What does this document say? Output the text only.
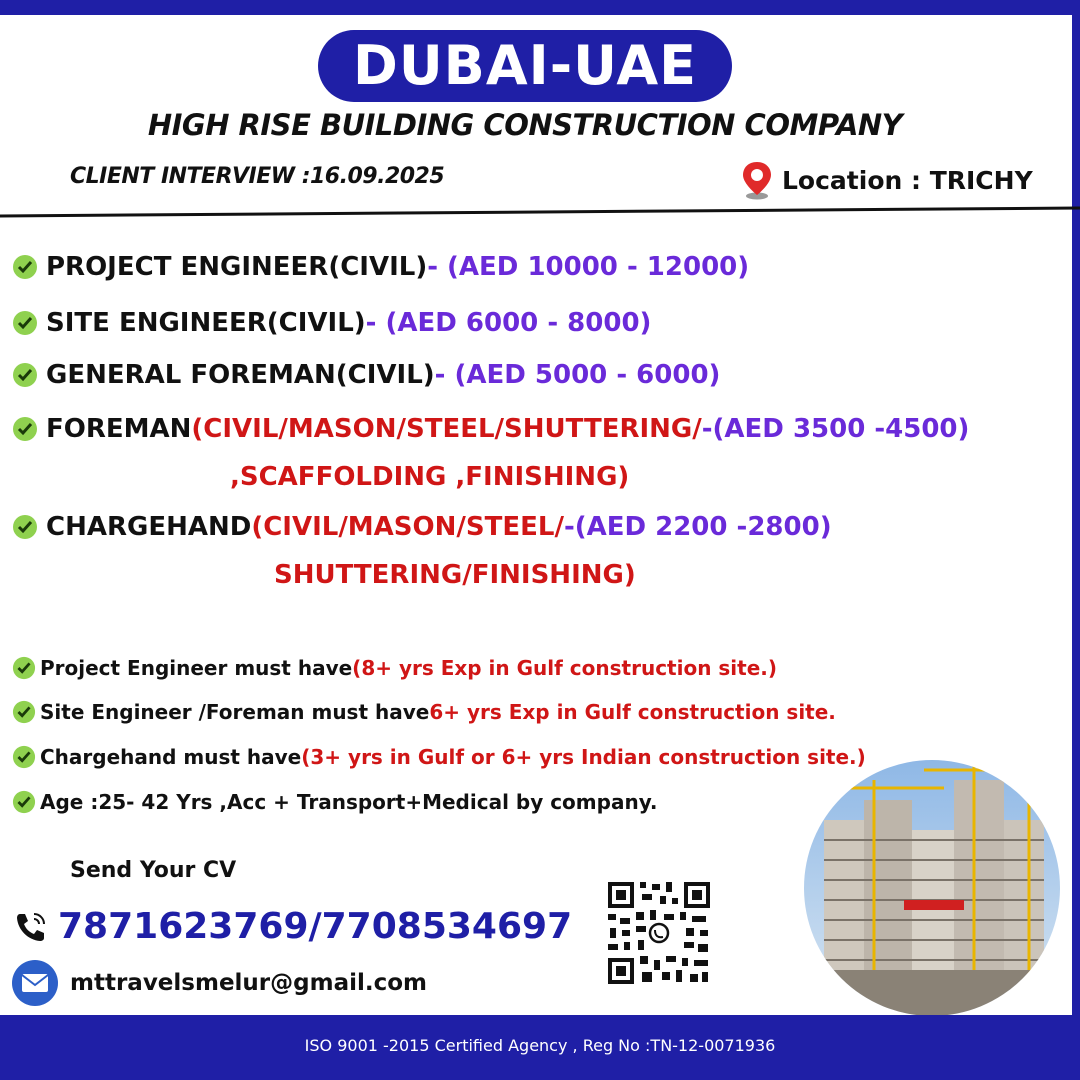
DUBAI-UAE
HIGH RISE BUILDING CONSTRUCTION COMPANY
CLIENT INTERVIEW :16.09.2025	Location : TRICHY
PROJECT ENGINEER(CIVIL) - (AED 10000 - 12000)
SITE ENGINEER(CIVIL) - (AED 6000 - 8000)
GENERAL FOREMAN(CIVIL) - (AED 5000 - 6000)
FOREMAN (CIVIL/MASON/STEEL/SHUTTERING/ -(AED 3500 -4500)
,SCAFFOLDING ,FINISHING)
CHARGEHAND (CIVIL/MASON/STEEL/ -(AED 2200 -2800)
SHUTTERING/FINISHING)
Project Engineer must have (8+ yrs Exp in Gulf construction site.)
Site Engineer /Foreman must have 6+ yrs Exp in Gulf construction site.
Chargehand must have (3+ yrs in Gulf or 6+ yrs Indian construction site.)
Age :25- 42 Yrs ,Acc + Transport+Medical by company.
Send Your CV
7871623769/7708534697
mttravelsmelur@gmail.com
ISO 9001 -2015 Certified Agency , Reg No :TN-12-0071936
